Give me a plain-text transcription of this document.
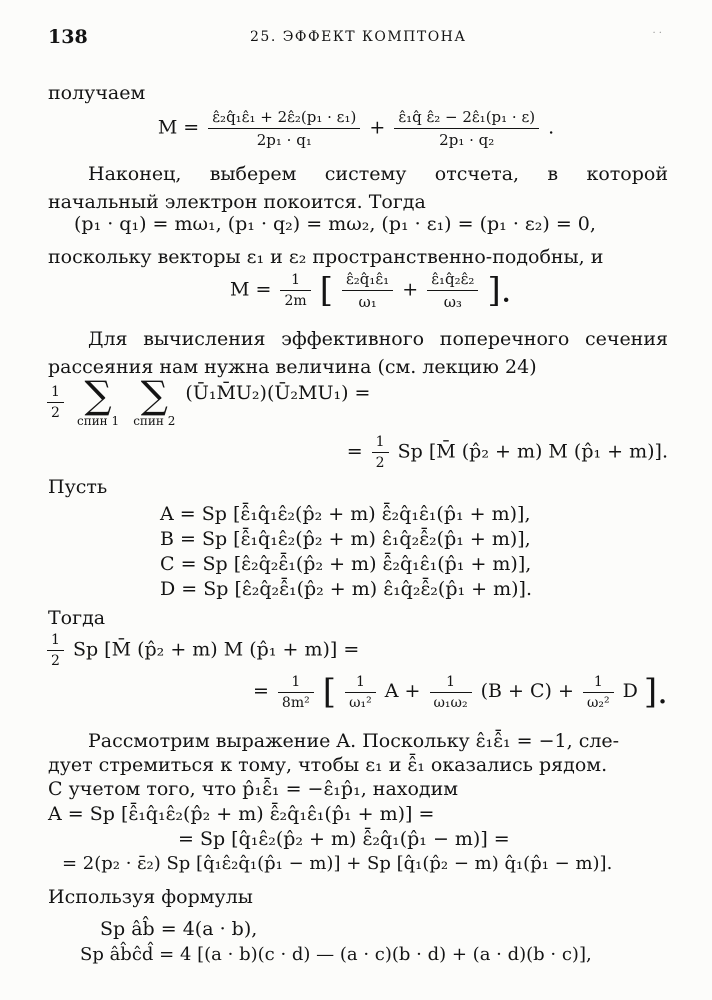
138	25. ЭФФЕКТ КОМПТОНА	· ·
получаем
$M = \frac{\text{ε̂₂q̂₁ε̂₁ + 2ε̂₂(p₁ · ε₁)}}{\text{2p₁ · q₁}} + \frac{\text{ε̂₁q̂ ε̂₂ − 2ε̂₁(p₁ · ε)}}{\text{2p₁ · q₂}}$ .
Наконец, выберем систему отсчета, в которой начальный электрон покоится. Тогда
(p₁ · q₁) = mω₁, (p₁ · q₂) = mω₂, (p₁ · ε₁) = (p₁ · ε₂) = 0,
поскольку векторы ε₁ и ε₂ пространственно-подобны, и
$M = \frac{1}{2m}$ [ $\frac{\text{ε̂₂q̂₁ε̂₁}}{\text{ω₁}} + \frac{\text{ε̂₁q̂₂ε̂₂}}{\text{ω₃}}$ ].
Для вычисления эффективного поперечного сечения рассеяния нам нужна величина (см. лекцию 24)
$\frac{1}{2}$
∑
спин 1

∑
спин 2
(Ū₁M̄U₂)(Ū₂MU₁) =
= $\frac{1}{2}$ Sp [M̄ (p̂₂ + m) M (p̂₁ + m)].
Пусть
A = Sp [ε̂̄₁q̂₁ε̂₂(p̂₂ + m) ε̂̄₂q̂₁ε̂₁(p̂₁ + m)],
B = Sp [ε̂̄₁q̂₁ε̂₂(p̂₂ + m) ε̂₁q̂₂ε̂̄₂(p̂₁ + m)],
C = Sp [ε̂₂q̂₂ε̂̄₁(p̂₂ + m) ε̂̄₂q̂₁ε̂₁(p̂₁ + m)],
D = Sp [ε̂₂q̂₂ε̂̄₁(p̂₂ + m) ε̂₁q̂₂ε̂̄₂(p̂₁ + m)].
Тогда
$\frac{1}{2}$ Sp [M̄ (p̂₂ + m) M (p̂₁ + m)] =
= $\frac{1}{\text{8m²}}$ [ $\frac{1}{\text{ω₁²}}$ $A + \frac{1}{\text{ω₁ω₂}} (B + C) + \frac{1}{\text{ω₂²}}$ D ].
Рассмотрим выражение A. Поскольку ε̂₁ε̂̄₁ = −1, сле-
дует стремиться к тому, чтобы ε₁ и ε̂̄₁ оказались рядом.
С учетом того, что p̂₁ε̂̄₁ = −ε̂₁p̂₁, находим
A = Sp [ε̂̄₁q̂₁ε̂₂(p̂₂ + m) ε̂̄₂q̂₁ε̂₁(p̂₁ + m)] =
= Sp [q̂₁ε̂₂(p̂₂ + m) ε̂̄₂q̂₁(p̂₁ − m)] =
= 2(p₂ · ε̄₂) Sp [q̂₁ε̂₂q̂₁(p̂₁ − m)] + Sp [q̂₁(p̂₂ − m) q̂₁(p̂₁ − m)].
Используя формулы
Sp âb̂ = 4(a · b),
Sp âb̂ĉd̂ = 4 [(a · b)(c · d) — (a · c)(b · d) + (a · d)(b · c)],
